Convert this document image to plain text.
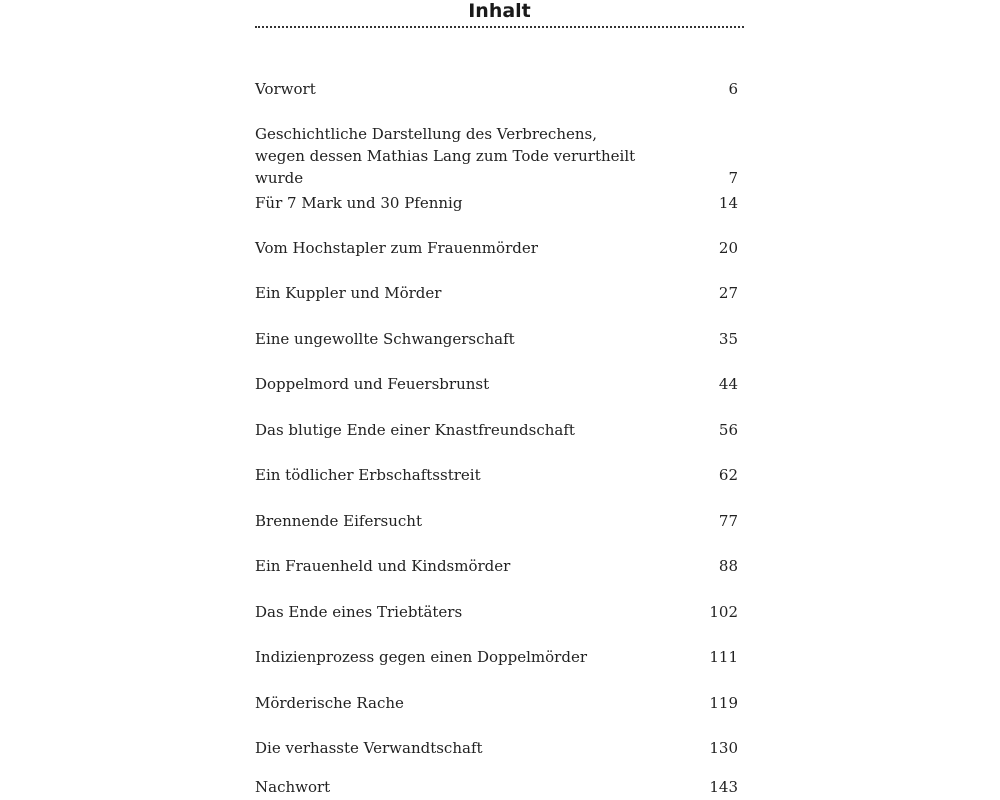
Inhalt
Vorwort	6
Geschichtliche Darstellung des Verbrechens,
wegen dessen Mathias Lang zum Tode verurtheilt wurde	7
Für 7 Mark und 30 Pfennig	14
Vom Hochstapler zum Frauenmörder	20
Ein Kuppler und Mörder	27
Eine ungewollte Schwangerschaft	35
Doppelmord und Feuersbrunst	44
Das blutige Ende einer Knastfreundschaft	56
Ein tödlicher Erbschaftsstreit	62
Brennende Eifersucht	77
Ein Frauenheld und Kindsmörder	88
Das Ende eines Triebtäters	102
Indizienprozess gegen einen Doppelmörder	111
Mörderische Rache	119
Die verhasste Verwandtschaft	130
Nachwort	143
